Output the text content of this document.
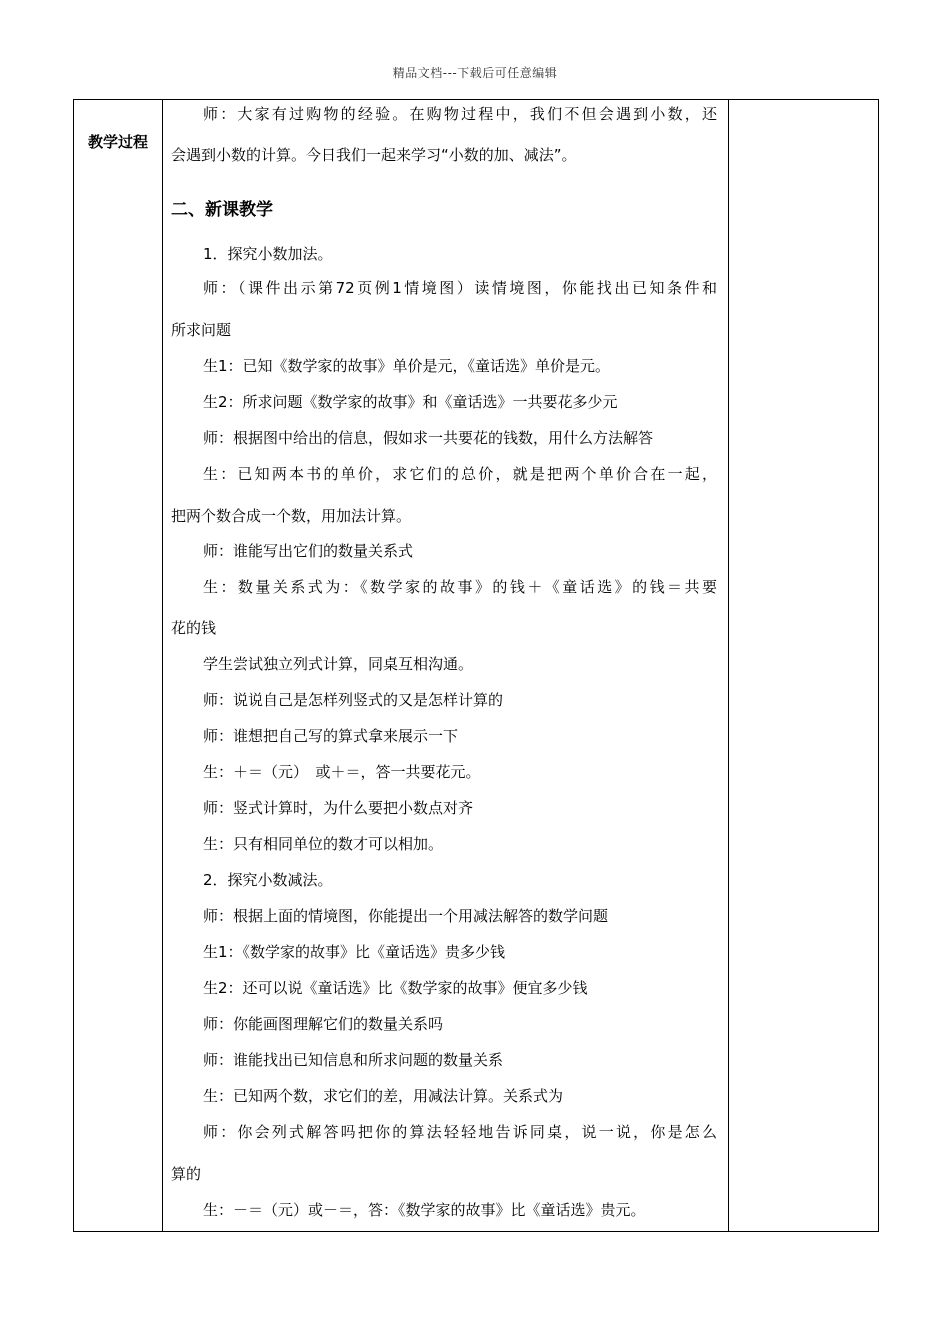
精品文档---下载后可任意编辑
教学过程
师：大家有过购物的经验。在购物过程中，我们不但会遇到小数，还
会遇到小数的计算。今日我们一起来学习“小数的加、减法”。
二、新课教学
1．探究小数加法。
师：（课件出示第72页例1情境图）读情境图，你能找出已知条件和
所求问题
生1：已知《数学家的故事》单价是元，《童话选》单价是元。
生2：所求问题《数学家的故事》和《童话选》一共要花多少元
师：根据图中给出的信息，假如求一共要花的钱数，用什么方法解答
生：已知两本书的单价，求它们的总价，就是把两个单价合在一起，
把两个数合成一个数，用加法计算。
师：谁能写出它们的数量关系式
生：数量关系式为：《数学家的故事》的钱＋《童话选》的钱＝共要
花的钱
学生尝试独立列式计算，同桌互相沟通。
师：说说自己是怎样列竖式的又是怎样计算的
师：谁想把自己写的算式拿来展示一下
生：＋＝（元）　或＋＝，答一共要花元。
师：竖式计算时，为什么要把小数点对齐
生：只有相同单位的数才可以相加。
2．探究小数减法。
师：根据上面的情境图，你能提出一个用减法解答的数学问题
生1：《数学家的故事》比《童话选》贵多少钱
生2：还可以说《童话选》比《数学家的故事》便宜多少钱
师：你能画图理解它们的数量关系吗
师：谁能找出已知信息和所求问题的数量关系
生：已知两个数，求它们的差，用减法计算。关系式为
师：你会列式解答吗把你的算法轻轻地告诉同桌，说一说，你是怎么
算的
生：－＝（元）或－＝，答：《数学家的故事》比《童话选》贵元。
